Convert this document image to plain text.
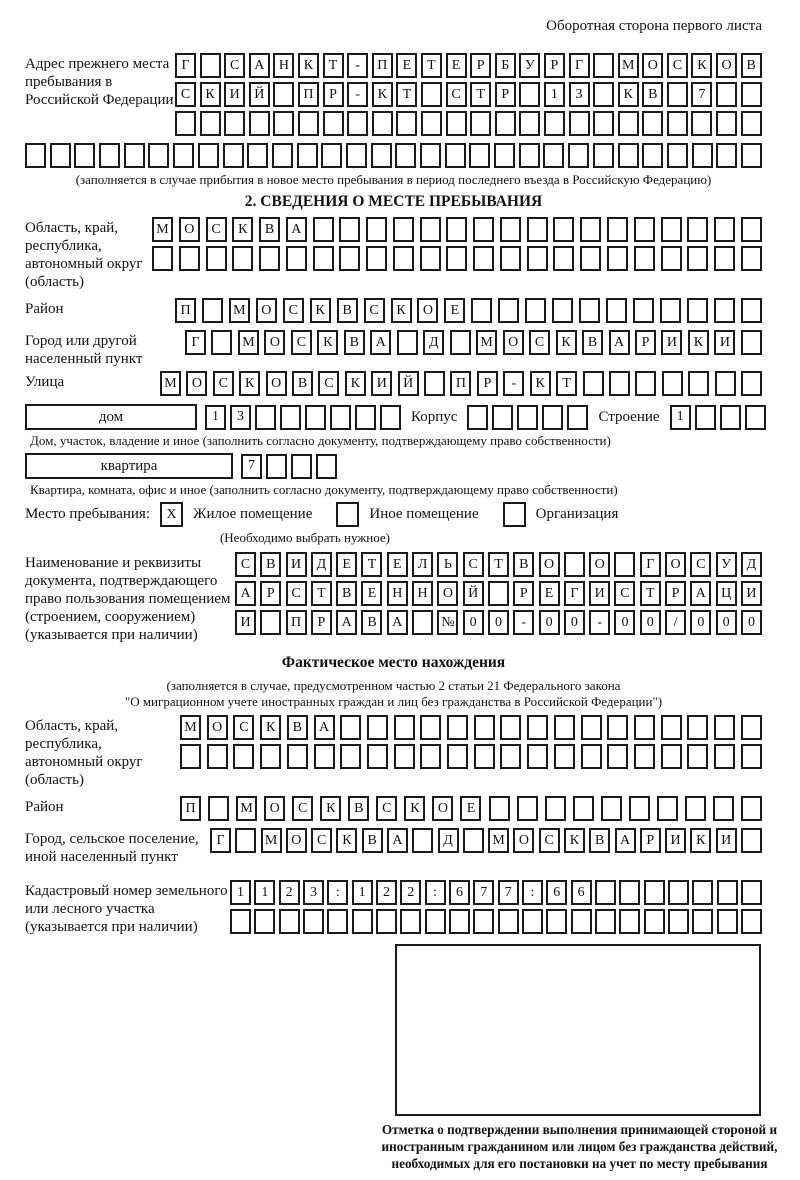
Оборотная сторона первого листа
Адрес прежнего места пребывания в Российской Федерации
Г	С	А	Н	К	Т	-	П	Е	Т	Е	Р	Б	У	Р	Г	М О	С	К	О	В
С	К	И	Й	П	Р	-	К	Т	С	Т	Р	1	3	К	В	7
(заполняется в случае прибытия в новое место пребывания в период последнего въезда в Российскую Федерацию)
2. СВЕДЕНИЯ О МЕСТЕ ПРЕБЫВАНИЯ
Область, край, республика, автономный округ (область)
М	О	С	К	В	А
Район	П	М	О	С	К	В	С	К	О	Е
Город или другой населенный пункт
Г	М	О	С	К	В	А	Д	М	О	С	К	В	А	Р	И	К	И
Улица	М	О	С	К	О	В	С	К	И	Й	П	Р	-	К	Т
дом	1	3	Корпус	Строение	1
Дом, участок, владение и иное (заполнить согласно документу, подтверждающему право собственности)
квартира	7
Квартира, комната, офис и иное (заполнить согласно документу, подтверждающему право собственности)
Место пребывания:	X	Жилое помещение	Иное помещение	Организация
(Необходимо выбрать нужное)
Наименование и реквизиты документа, подтверждающего право пользования помещением (строением, сооружением) (указывается при наличии)
С	В	И	Д	Е	Т	Е	Л	Ь	С	Т	В	О	О	Г	О	С	У	Д
А	Р	С	Т	В	Е	Н	Н	О	Й	Р	Е	Г	И	С	Т	Р	А	Ц	И
И	П	Р	А	В	А	№	0	0	-	0	0	-	0	0	/	0	0	0
Фактическое место нахождения
(заполняется в случае, предусмотренном частью 2 статьи 21 Федерального закона
"О миграционном учете иностранных граждан и лиц без гражданства в Российской Федерации")
Область, край, республика, автономный округ (область)
М	О	С	К	В	А
Район	П	М	О	С	К	В	С	К	О	Е
Город, сельское поселение, иной населенный пункт
Г	М	О	С	К	В	А	Д	М	О	С	К	В	А	Р	И	К	И
Кадастровый номер земельного или лесного участка (указывается при наличии)
1	1	2	3	:	1	2	2	:	6	7	7	:	6	6
Отметка о подтверждении выполнения принимающей стороной и иностранным гражданином или лицом без гражданства действий, необходимых для его постановки на учет по месту пребывания
